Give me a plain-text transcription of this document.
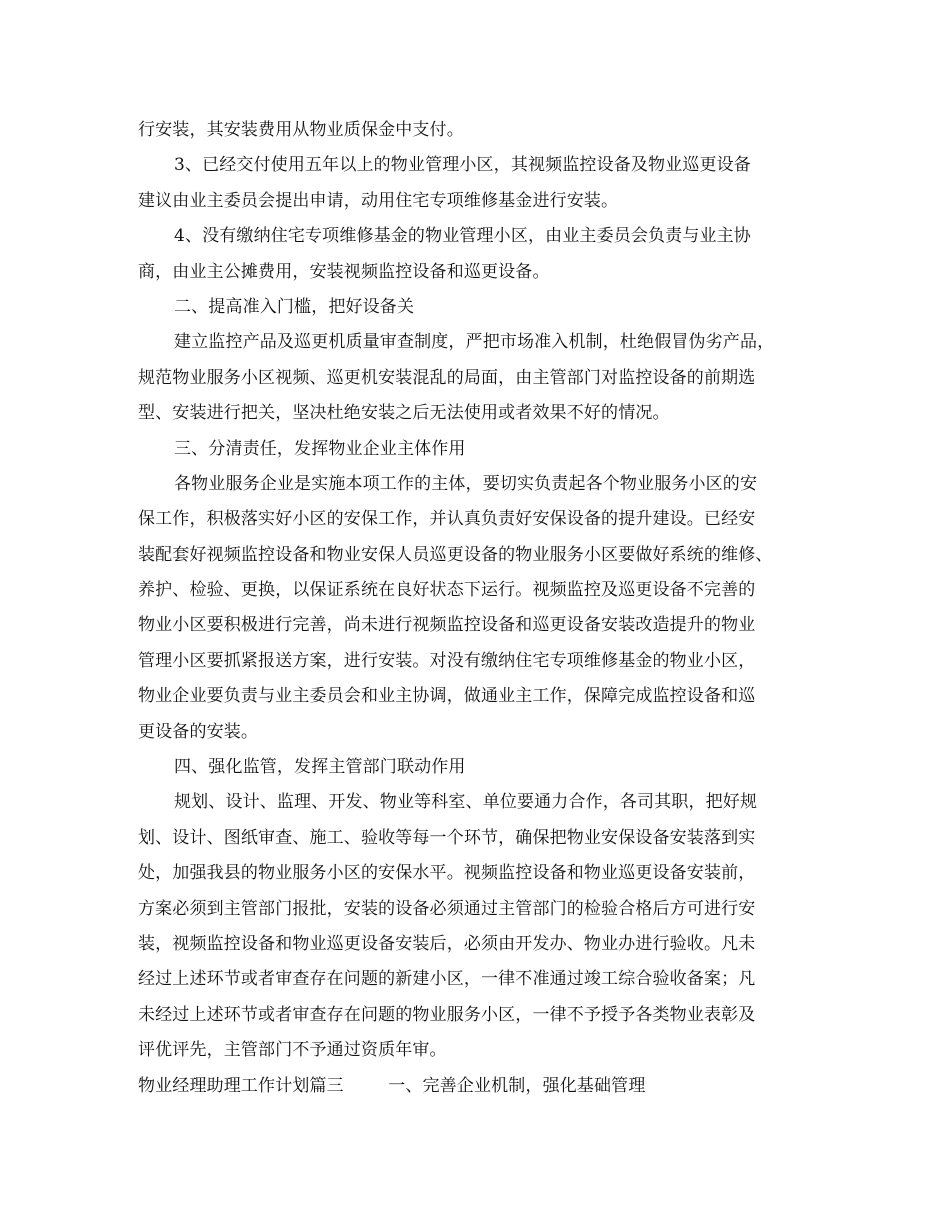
行安装，其安装费用从物业质保金中支付。
3、已经交付使用五年以上的物业管理小区，其视频监控设备及物业巡更设备
建议由业主委员会提出申请，动用住宅专项维修基金进行安装。
4、没有缴纳住宅专项维修基金的物业管理小区，由业主委员会负责与业主协
商，由业主公摊费用，安装视频监控设备和巡更设备。
二、提高准入门槛，把好设备关
建立监控产品及巡更机质量审查制度，严把市场准入机制，杜绝假冒伪劣产品，
规范物业服务小区视频、巡更机安装混乱的局面，由主管部门对监控设备的前期选
型、安装进行把关，坚决杜绝安装之后无法使用或者效果不好的情况。
三、分清责任，发挥物业企业主体作用
各物业服务企业是实施本项工作的主体，要切实负责起各个物业服务小区的安
保工作，积极落实好小区的安保工作，并认真负责好安保设备的提升建设。已经安
装配套好视频监控设备和物业安保人员巡更设备的物业服务小区要做好系统的维修、
养护、检验、更换，以保证系统在良好状态下运行。视频监控及巡更设备不完善的
物业小区要积极进行完善，尚未进行视频监控设备和巡更设备安装改造提升的物业
管理小区要抓紧报送方案，进行安装。对没有缴纳住宅专项维修基金的物业小区，
物业企业要负责与业主委员会和业主协调，做通业主工作，保障完成监控设备和巡
更设备的安装。
四、强化监管，发挥主管部门联动作用
规划、设计、监理、开发、物业等科室、单位要通力合作，各司其职，把好规
划、设计、图纸审查、施工、验收等每一个环节，确保把物业安保设备安装落到实
处，加强我县的物业服务小区的安保水平。视频监控设备和物业巡更设备安装前，
方案必须到主管部门报批，安装的设备必须通过主管部门的检验合格后方可进行安
装，视频监控设备和物业巡更设备安装后，必须由开发办、物业办进行验收。凡未
经过上述环节或者审查存在问题的新建小区，一律不准通过竣工综合验收备案；凡
未经过上述环节或者审查存在问题的物业服务小区，一律不予授予各类物业表彰及
评优评先，主管部门不予通过资质年审。
物业经理助理工作计划篇三        一、完善企业机制，强化基础管理
